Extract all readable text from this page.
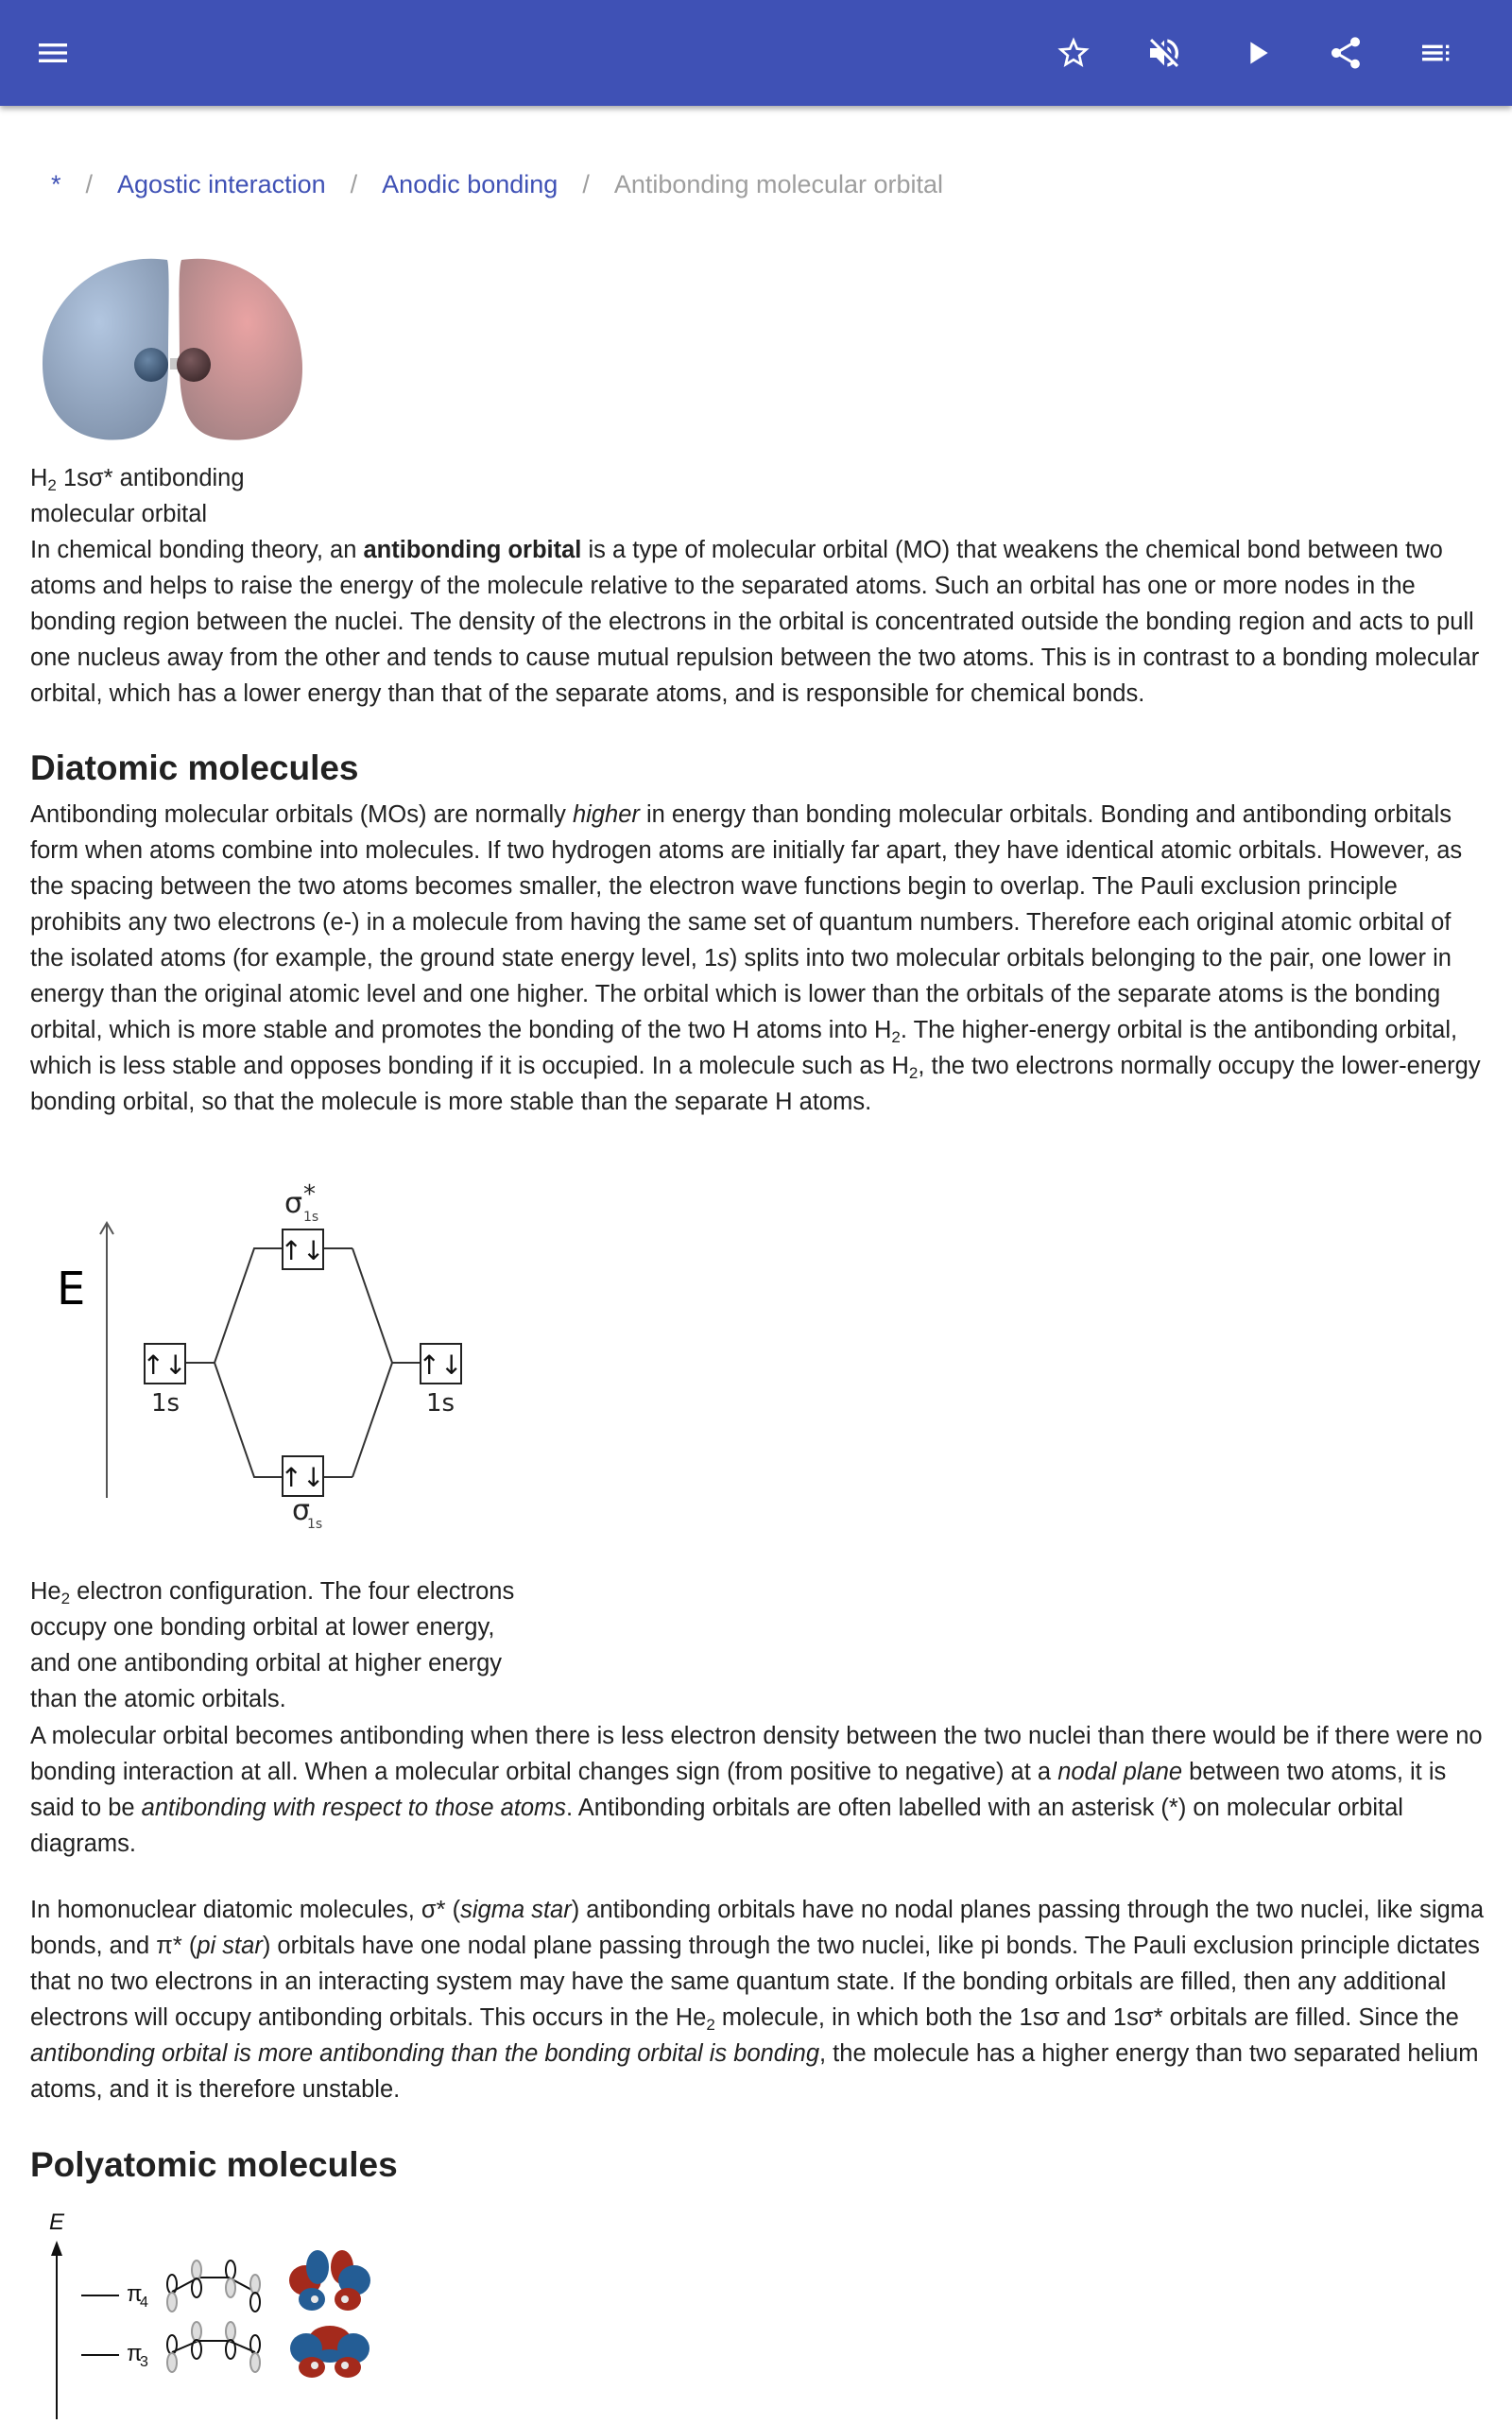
* / Agostic interaction / Anodic bonding / Antibonding molecular orbital
$H_2$ 1sσ* antibonding
molecular orbital

In chemical bonding theory, an antibonding orbital is a type of molecular orbital (MO) that weakens the chemical bond between two atoms and helps to raise the energy of the molecule relative to the separated atoms. Such an orbital has one or more nodes in the bonding region between the nuclei. The density of the electrons in the orbital is concentrated outside the bonding region and acts to pull one nucleus away from the other and tends to cause mutual repulsion between the two atoms. This is in contrast to a bonding molecular orbital, which has a lower energy than that of the separate atoms, and is responsible for chemical bonds.

Diatomic molecules

Antibonding molecular orbitals (MOs) are normally higher in energy than bonding molecular orbitals. Bonding and antibonding orbitals form when atoms combine into molecules. If two hydrogen atoms are initially far apart, they have identical atomic orbitals. However, as the spacing between the two atoms becomes smaller, the electron wave functions begin to overlap. The Pauli exclusion principle prohibits any two electrons (e-) in a molecule from having the same set of quantum numbers. Therefore each original atomic orbital of the isolated atoms (for example, the ground state energy level, 1s) splits into two molecular orbitals belonging to the pair, one lower in energy than the original atomic level and one higher. The orbital which is lower than the orbitals of the separate atoms is the bonding orbital, which is more stable and promotes the bonding of the two H atoms into $H_2$. The higher-energy orbital is the antibonding orbital, which is less stable and opposes bonding if it is occupied. In a molecule such as $H_2$, the two electrons normally occupy the lower-energy bonding orbital, so that the molecule is more stable than the separate H atoms.

E
↑↓	↑↓
↑↓
↑↓
1s	1s
σ *
1s
σ
1s

$He_2$ electron configuration. The four electrons occupy one bonding orbital at lower energy, and one antibonding orbital at higher energy than the atomic orbitals.

A molecular orbital becomes antibonding when there is less electron density between the two nuclei than there would be if there were no bonding interaction at all. When a molecular orbital changes sign (from positive to negative) at a nodal plane between two atoms, it is said to be antibonding with respect to those atoms. Antibonding orbitals are often labelled with an asterisk (*) on molecular orbital diagrams.

In homonuclear diatomic molecules, σ* (sigma star) antibonding orbitals have no nodal planes passing through the two nuclei, like sigma bonds, and π* (pi star) orbitals have one nodal plane passing through the two nuclei, like pi bonds. The Pauli exclusion principle dictates that no two electrons in an interacting system may have the same quantum state. If the bonding orbitals are filled, then any additional electrons will occupy antibonding orbitals. This occurs in the $He_2$ molecule, in which both the 1sσ and 1sσ* orbitals are filled. Since the antibonding orbital is more antibonding than the bonding orbital is bonding, the molecule has a higher energy than two separated helium atoms, and it is therefore unstable.

Polyatomic molecules
E
π
4
π
3
